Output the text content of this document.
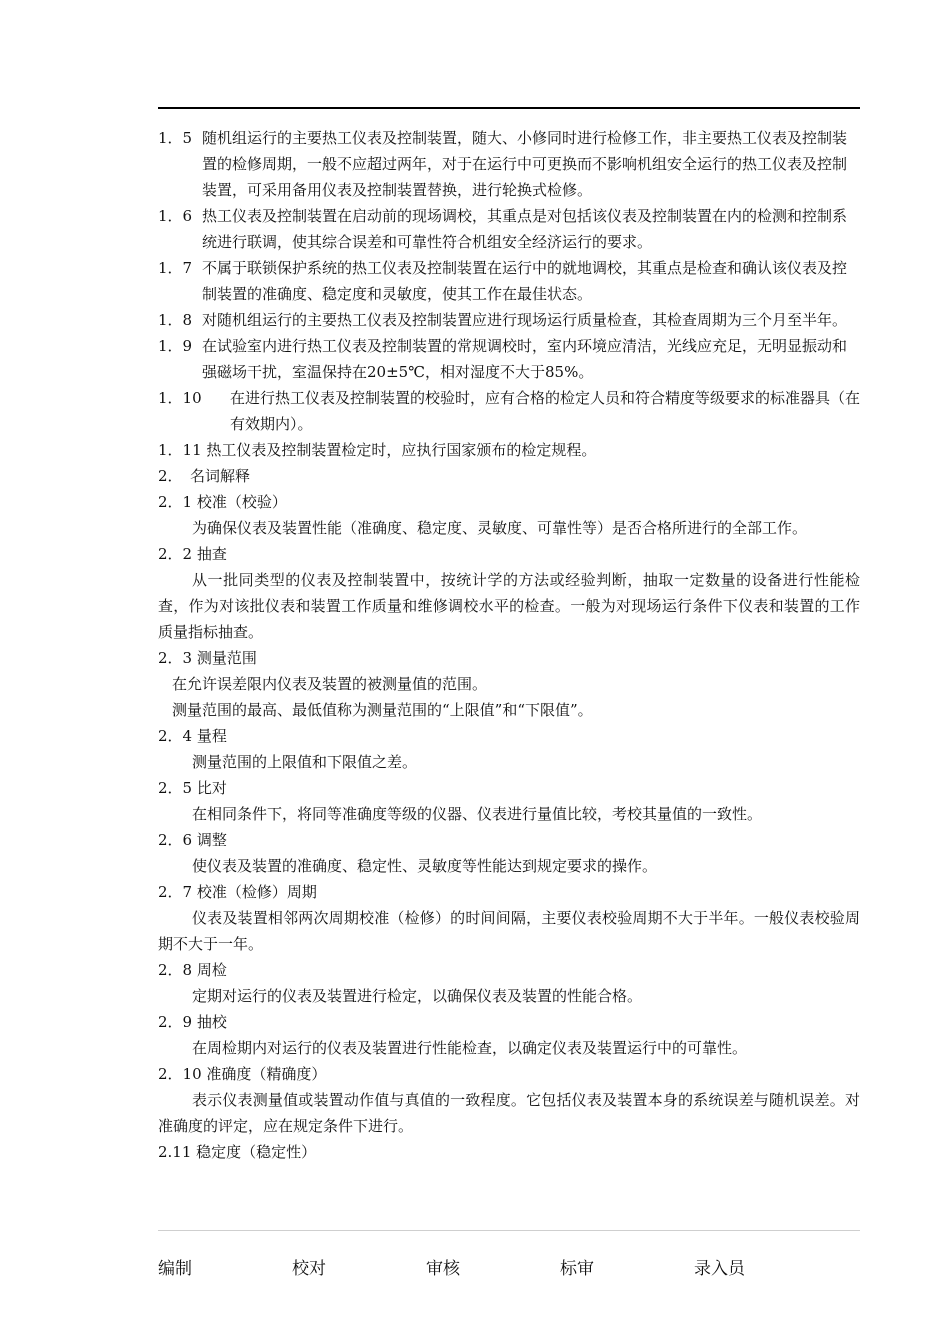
1．5 随机组运行的主要热工仪表及控制装置，随大、小修同时进行检修工作，非主要热工仪表及控制装置的检修周期，一般不应超过两年，对于在运行中可更换而不影响机组安全运行的热工仪表及控制装置，可采用备用仪表及控制装置替换，进行轮换式检修。
1．6 热工仪表及控制装置在启动前的现场调校，其重点是对包括该仪表及控制装置在内的检测和控制系统进行联调，使其综合误差和可靠性符合机组安全经济运行的要求。
1．7 不属于联锁保护系统的热工仪表及控制装置在运行中的就地调校，其重点是检查和确认该仪表及控制装置的准确度、稳定度和灵敏度，使其工作在最佳状态。
1．8 对随机组运行的主要热工仪表及控制装置应进行现场运行质量检查，其检查周期为三个月至半年。
1．9 在试验室内进行热工仪表及控制装置的常规调校时，室内环境应清洁，光线应充足，无明显振动和强磁场干扰，室温保持在20±5℃，相对湿度不大于85%。
1．10	在进行热工仪表及控制装置的校验时，应有合格的检定人员和符合精度等级要求的标准器具（在有效期内）。

1．11 热工仪表及控制装置检定时，应执行国家颁布的检定规程。

2．　名词解释

2．1 校准（校验）

为确保仪表及装置性能（准确度、稳定度、灵敏度、可靠性等）是否合格所进行的全部工作。

2．2 抽查

从一批同类型的仪表及控制装置中，按统计学的方法或经验判断，抽取一定数量的设备进行性能检查，作为对该批仪表和装置工作质量和维修调校水平的检查。一般为对现场运行条件下仪表和装置的工作质量指标抽查。

2．3 测量范围

在允许误差限内仪表及装置的被测量值的范围。

测量范围的最高、最低值称为测量范围的“上限值”和“下限值”。

2．4 量程

测量范围的上限值和下限值之差。

2．5 比对

在相同条件下，将同等准确度等级的仪器、仪表进行量值比较，考校其量值的一致性。

2．6 调整

使仪表及装置的准确度、稳定性、灵敏度等性能达到规定要求的操作。

2．7 校准（检修）周期

仪表及装置相邻两次周期校准（检修）的时间间隔，主要仪表校验周期不大于半年。一般仪表校验周期不大于一年。

2．8 周检

定期对运行的仪表及装置进行检定，以确保仪表及装置的性能合格。

2．9 抽校

在周检期内对运行的仪表及装置进行性能检查，以确定仪表及装置运行中的可靠性。

2．10 准确度（精确度）

表示仪表测量值或装置动作值与真值的一致程度。它包括仪表及装置本身的系统误差与随机误差。对准确度的评定，应在规定条件下进行。

2.11 稳定度（稳定性）

编制	校对	审核	标审	录入员
